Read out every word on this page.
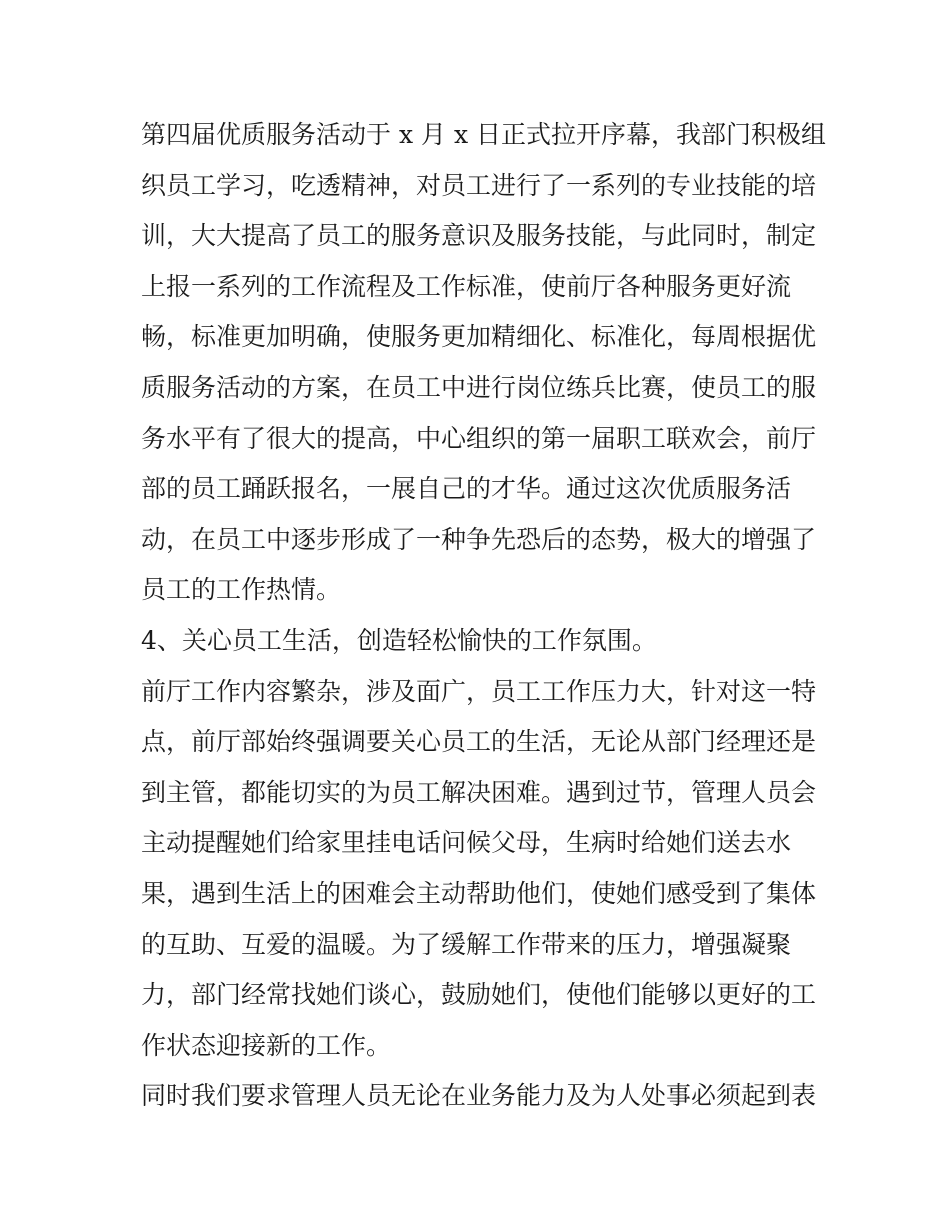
第四届优质服务活动于 x 月 x 日正式拉开序幕，我部门积极组
织员工学习，吃透精神，对员工进行了一系列的专业技能的培
训，大大提高了员工的服务意识及服务技能，与此同时，制定
上报一系列的工作流程及工作标准，使前厅各种服务更好流
畅，标准更加明确，使服务更加精细化、标准化，每周根据优
质服务活动的方案，在员工中进行岗位练兵比赛，使员工的服
务水平有了很大的提高，中心组织的第一届职工联欢会，前厅
部的员工踊跃报名，一展自己的才华。通过这次优质服务活
动，在员工中逐步形成了一种争先恐后的态势，极大的增强了
员工的工作热情。
4、关心员工生活，创造轻松愉快的工作氛围。
前厅工作内容繁杂，涉及面广，员工工作压力大，针对这一特
点，前厅部始终强调要关心员工的生活，无论从部门经理还是
到主管，都能切实的为员工解决困难。遇到过节，管理人员会
主动提醒她们给家里挂电话问候父母，生病时给她们送去水
果，遇到生活上的困难会主动帮助他们，使她们感受到了集体
的互助、互爱的温暖。为了缓解工作带来的压力，增强凝聚
力，部门经常找她们谈心，鼓励她们，使他们能够以更好的工
作状态迎接新的工作。
同时我们要求管理人员无论在业务能力及为人处事必须起到表
